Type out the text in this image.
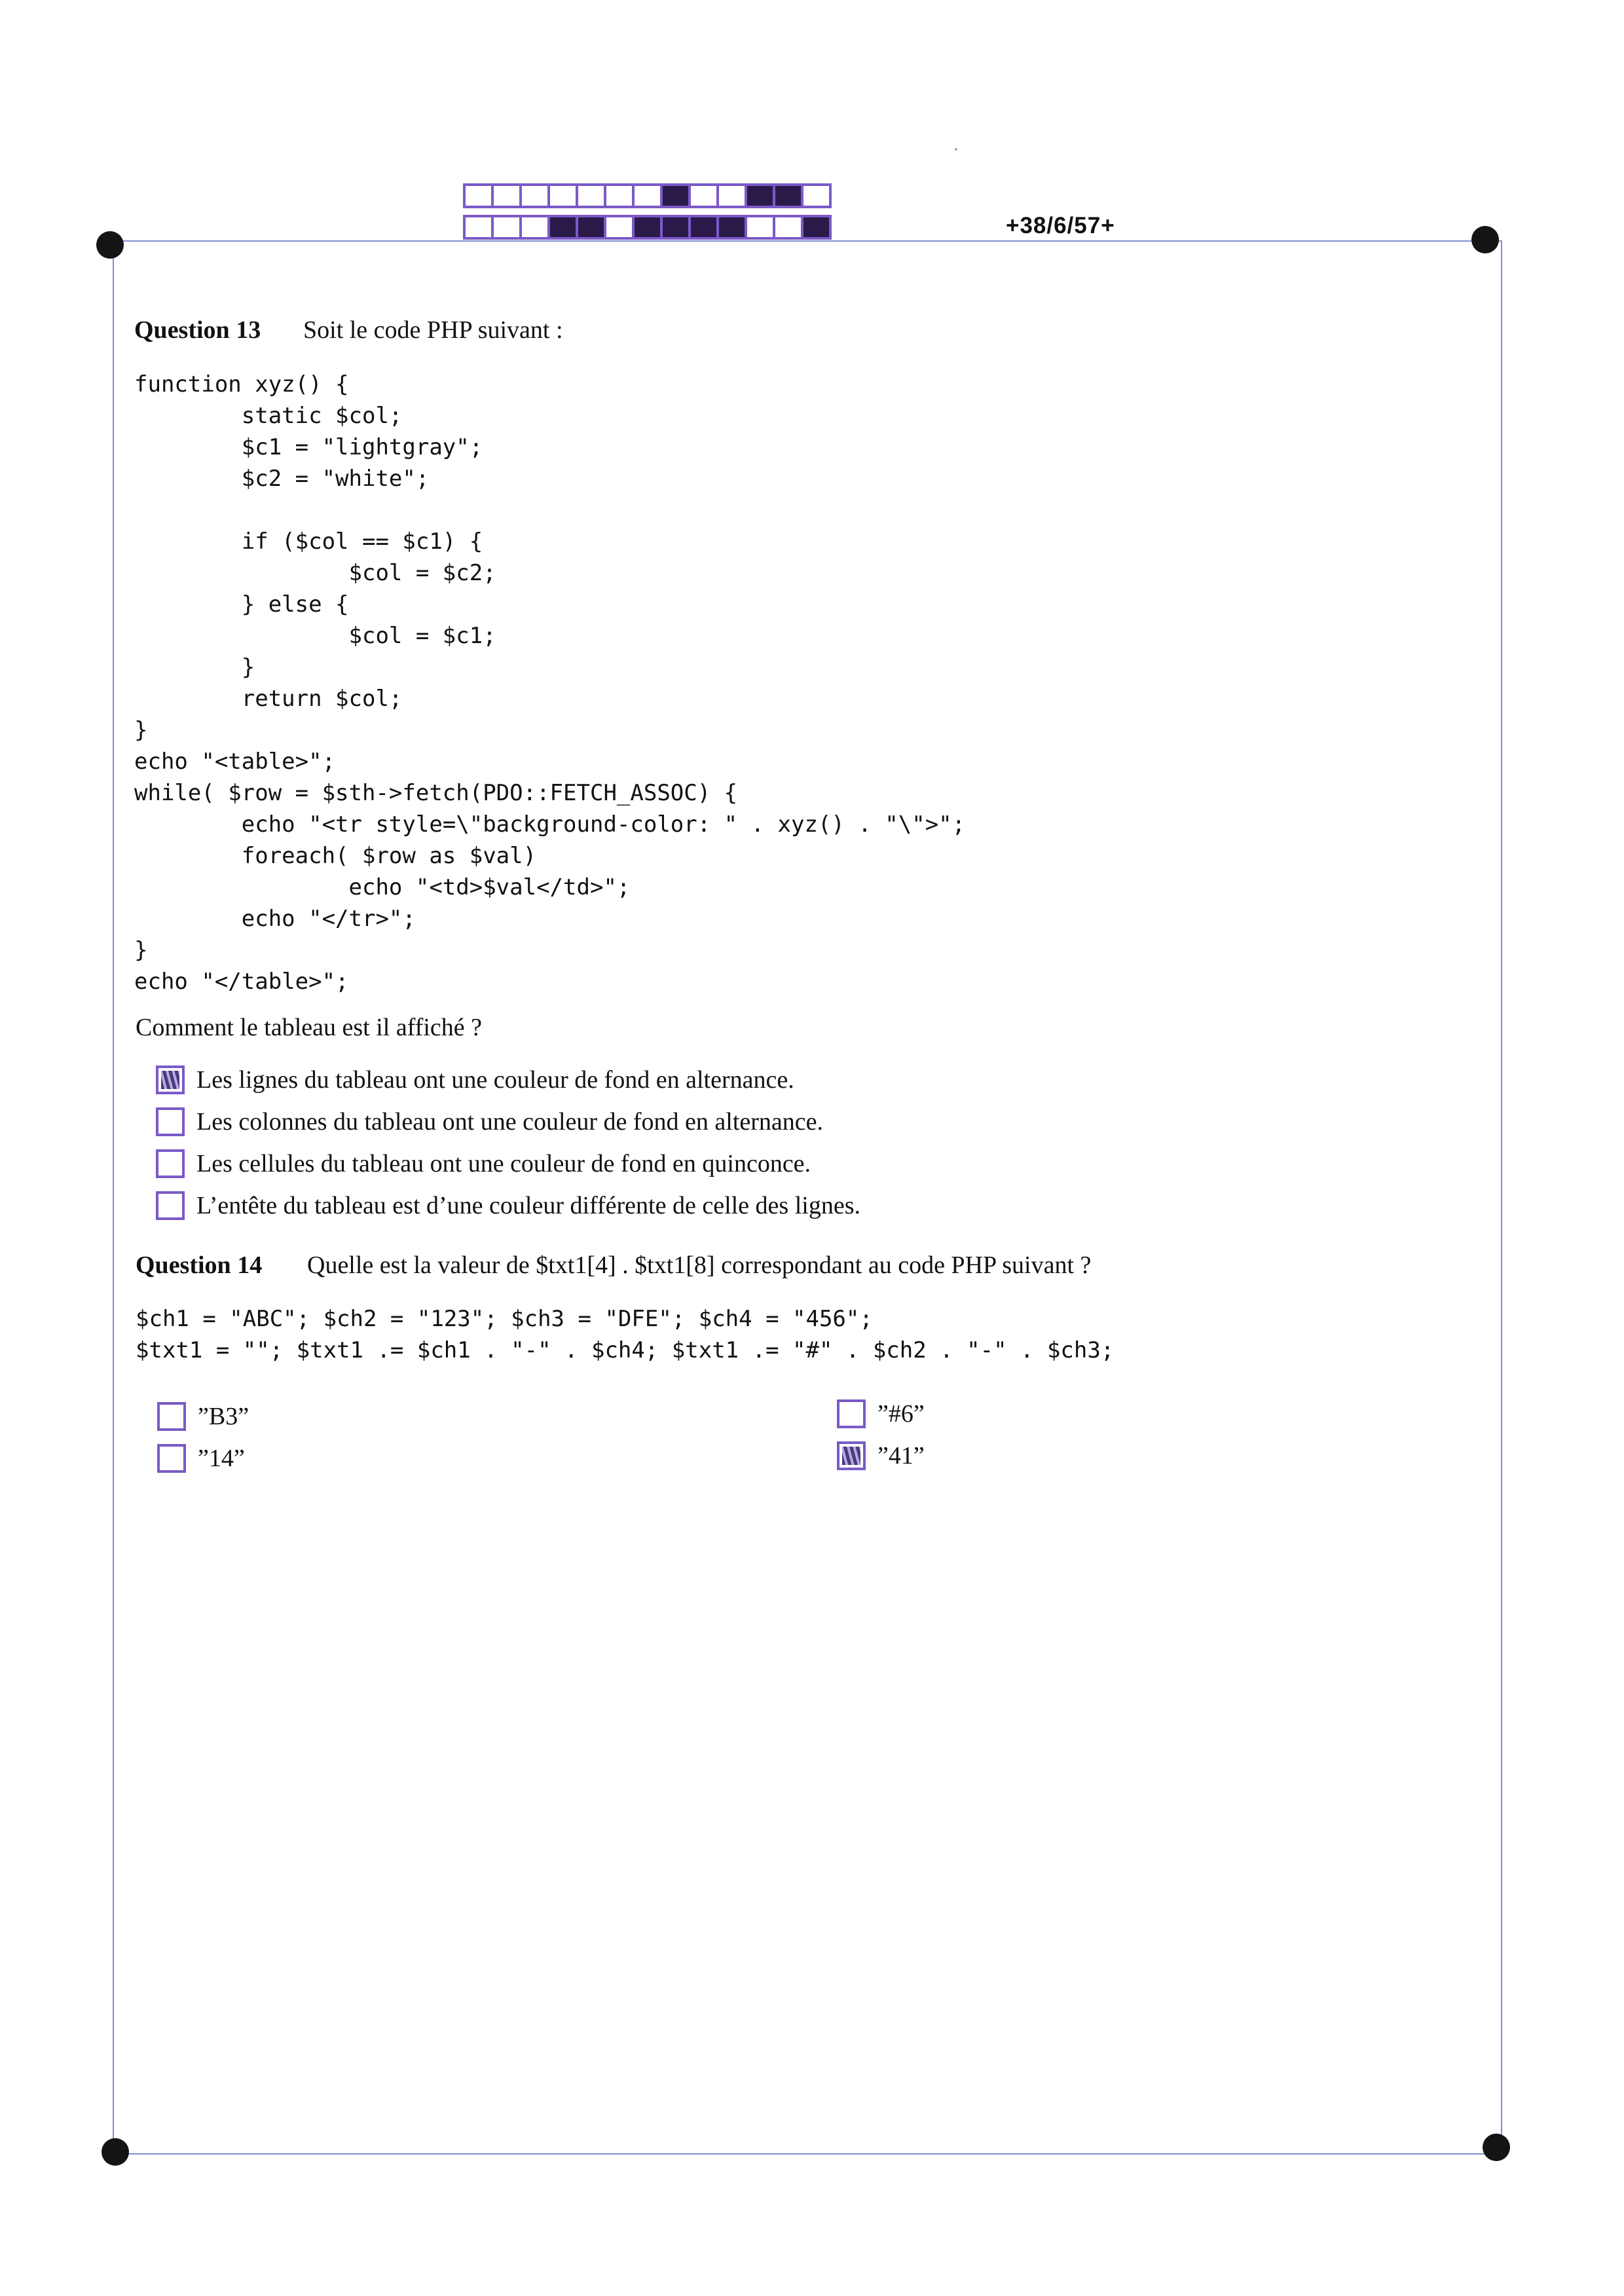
+38/6/57+
Question 13 Soit le code PHP suivant :
function xyz() {
static $col;
$c1 = "lightgray";
$c2 = "white";

if ($col == $c1) {
$col = $c2;
} else {
$col = $c1;
}
return $col;
}
echo "<table>";
while( $row = $sth->fetch(PDO::FETCH_ASSOC) {
echo "<tr style=\"background-color: " . xyz() . "\">";
foreach( $row as $val)
echo "<td>$val</td>";
echo "</tr>";
}
echo "</table>";
Comment le tableau est il affiché ?
Les lignes du tableau ont une couleur de fond en alternance.
Les colonnes du tableau ont une couleur de fond en alternance.
Les cellules du tableau ont une couleur de fond en quinconce.
L’entête du tableau est d’une couleur différente de celle des lignes.
Question 14 Quelle est la valeur de $txt1[4] . $txt1[8] correspondant au code PHP suivant ?
$ch1 = "ABC"; $ch2 = "123"; $ch3 = "DFE"; $ch4 = "456";
$txt1 = ""; $txt1 .= $ch1 . "-" . $ch4; $txt1 .= "#" . $ch2 . "-" . $ch3;
”B3”
”14”
”#6”
”41”
